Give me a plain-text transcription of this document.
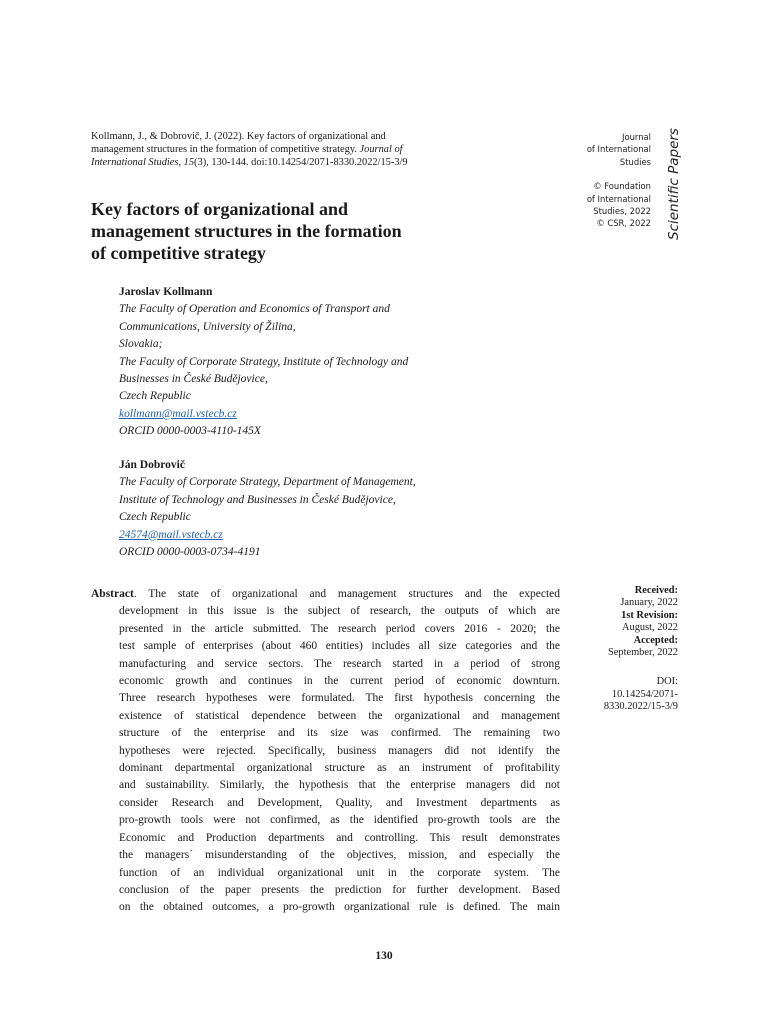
Kollmann, J., & Dobrovič, J. (2022). Key factors of organizational and
management structures in the formation of competitive strategy. Journal of
International Studies, 15(3), 130-144. doi:10.14254/2071-8330.2022/15-3/9
Key factors of organizational and
management structures in the formation
of competitive strategy
Journal
of International
Studies
© Foundation
of International
Studies, 2022
© CSR, 2022 Scientific Papers
Jaroslav Kollmann
The Faculty of Operation and Economics of Transport and
Communications, University of Žilina,
Slovakia;
The Faculty of Corporate Strategy, Institute of Technology and
Businesses in České Budějovice,
Czech Republic
kollmann@mail.vstecb.cz
ORCID 0000-0003-4110-145X
Ján Dobrovič
The Faculty of Corporate Strategy, Department of Management,
Institute of Technology and Businesses in České Budějovice,
Czech Republic
24574@mail.vstecb.cz
ORCID 0000-0003-0734-4191
Abstract. The state of organizational and management structures and the expected
development in this issue is the subject of research, the outputs of which are
presented in the article submitted. The research period covers 2016 - 2020; the
test sample of enterprises (about 460 entities) includes all size categories and the
manufacturing and service sectors. The research started in a period of strong
economic growth and continues in the current period of economic downturn.
Three research hypotheses were formulated. The first hypothesis concerning the
existence of statistical dependence between the organizational and management
structure of the enterprise and its size was confirmed. The remaining two
hypotheses were rejected. Specifically, business managers did not identify the
dominant departmental organizational structure as an instrument of profitability
and sustainability. Similarly, the hypothesis that the enterprise managers did not
consider Research and Development, Quality, and Investment departments as
pro-growth tools were not confirmed, as the identified pro-growth tools are the
Economic and Production departments and controlling. This result demonstrates
the managers´ misunderstanding of the objectives, mission, and especially the
function of an individual organizational unit in the corporate system. The
conclusion of the paper presents the prediction for further development. Based
on the obtained outcomes, a pro-growth organizational rule is defined. The main
Received:
January, 2022
1st Revision:
August, 2022
Accepted:
September, 2022
DOI:
10.14254/2071-
8330.2022/15-3/9
130
